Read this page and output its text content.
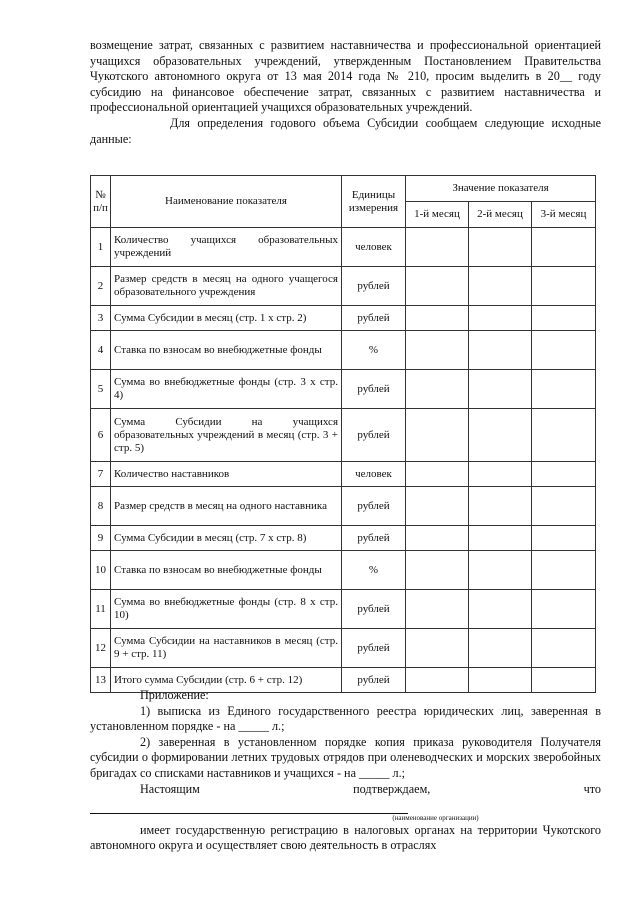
возмещение затрат, связанных с развитием наставничества и профессиональной ориентацией учащихся образовательных учреждений, утвержденным Постановлением Правительства Чукотского автономного округа от 13 мая 2014 года № 210, просим выделить в 20__ году субсидию на финансовое обеспечение затрат, связанных с развитием наставничества и профессиональной ориентацией учащихся образовательных учреждений.

Для определения годового объема Субсидии сообщаем следующие исходные данные:

№ п/п	Наименование показателя	Единицы измерения	Значение показателя		
			1-й месяц	2-й месяц	3-й месяц
1	Количество учащихся образовательных учреждений	человек			
2	Размер средств в месяц на одного учащегося образовательного учреждения	рублей			
3	Сумма Субсидии в месяц (стр. 1 x стр. 2)	рублей			
4	Ставка по взносам во внебюджетные фонды	%			
5	Сумма во внебюджетные фонды (стр. 3 x стр. 4)	рублей			
6	Сумма Субсидии на учащихся образовательных учреждений в месяц (стр. 3 + стр. 5)	рублей			
7	Количество наставников	человек			
8	Размер средств в месяц на одного наставника	рублей			
9	Сумма Субсидии в месяц (стр. 7 x стр. 8)	рублей			
10	Ставка по взносам во внебюджетные фонды	%			
11	Сумма во внебюджетные фонды (стр. 8 x стр. 10)	рублей			
12	Сумма Субсидии на наставников в месяц (стр. 9 + стр. 11)	рублей			
13	Итого сумма Субсидии (стр. 6 + стр. 12)	рублей			

Приложение:

1) выписка из Единого государственного реестра юридических лиц, заверенная в установленном порядке - на _____ л.;

2) заверенная в установленном порядке копия приказа руководителя Получателя субсидии о формировании летних трудовых отрядов при оленеводческих и морских зверобойных бригадах со списками наставников и учащихся - на _____ л.;

Настоящим подтверждаем, что

(наименование организации)

имеет государственную регистрацию в налоговых органах на территории Чукотского автономного округа и осуществляет свою деятельность в отраслях
